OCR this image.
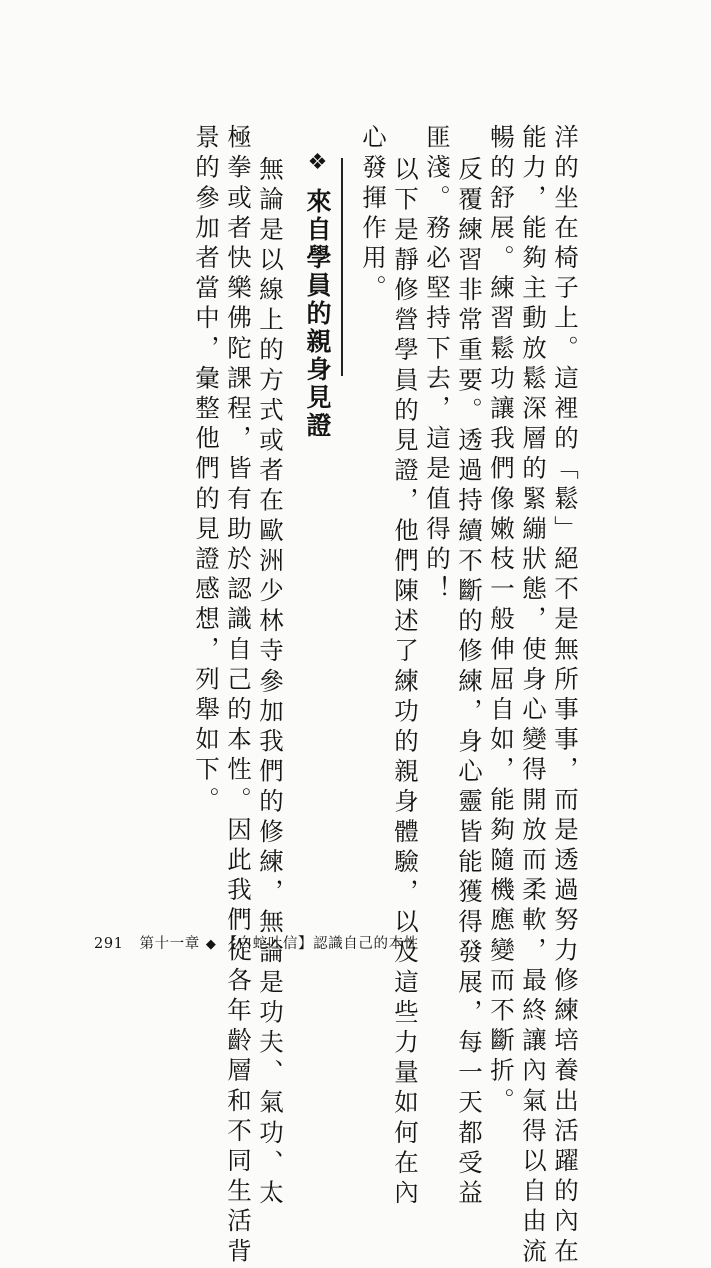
洋的坐在椅子上。這裡的「鬆」絕不是無所事事，而是透過努力修練培養出活躍的內在
能力，能夠主動放鬆深層的緊繃狀態，使身心變得開放而柔軟，最終讓內氣得以自由流
暢的舒展。練習鬆功讓我們像嫩枝一般伸屈自如，能夠隨機應變而不斷折。
反覆練習非常重要。透過持續不斷的修練，身心靈皆能獲得發展，每一天都受益
匪淺。務必堅持下去，這是值得的！
以下是靜修營學員的見證，他們陳述了練功的親身體驗，以及這些力量如何在內
心發揮作用。
❖來自學員的親身見證
無論是以線上的方式或者在歐洲少林寺參加我們的修練，無論是功夫、氣功、太
極拳或者快樂佛陀課程，皆有助於認識自己的本性。因此我們從各年齡層和不同生活背
景的參加者當中，彙整他們的見證感想，列舉如下。
291 第十一章 ◆ 【白蛇吐信】認識自己的本性
